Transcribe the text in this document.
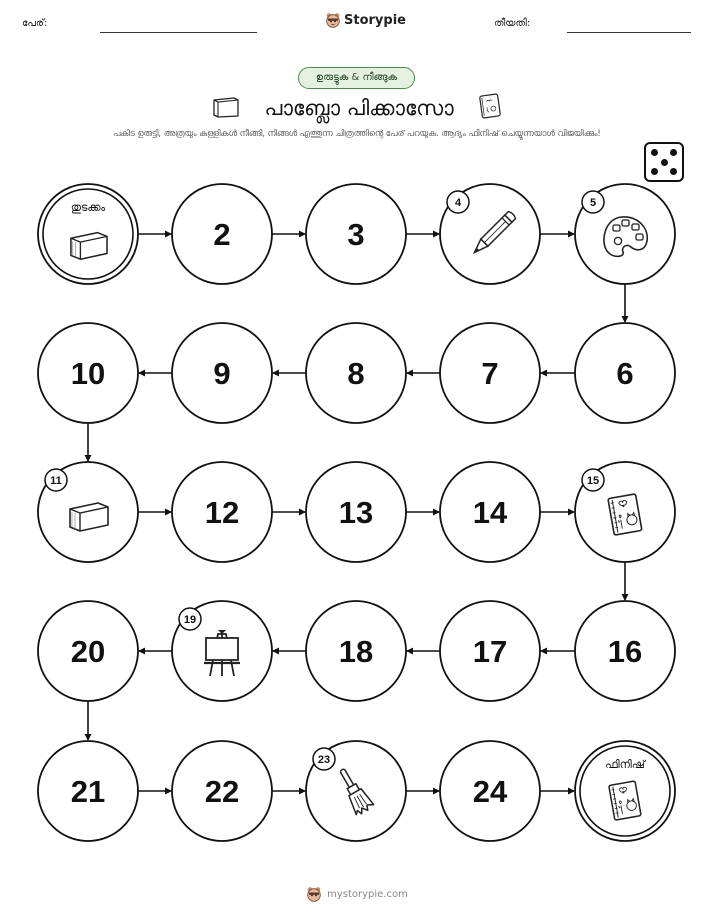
പേര്:	Storypie	തീയതി:
ഉരുട്ടുക & നീങ്ങുക
പാബ്ലോ പിക്കാസോ
പകിട ഉരുട്ടി, അത്രയും കള്ളികൾ നീങ്ങി, നിങ്ങൾ എത്തുന്ന ചിത്രത്തിന്റെ പേര് പറയുക. ആദ്യം ഫിനിഷ് ചെയ്യുന്നയാൾ വിജയിക്കും!
തുടക്കം
2	3
4	5
6
7
8
9
10
11
12	13	14
15
16
17
18
19
20
21	22
23
24
ഫിനിഷ്
mystorypie.com
